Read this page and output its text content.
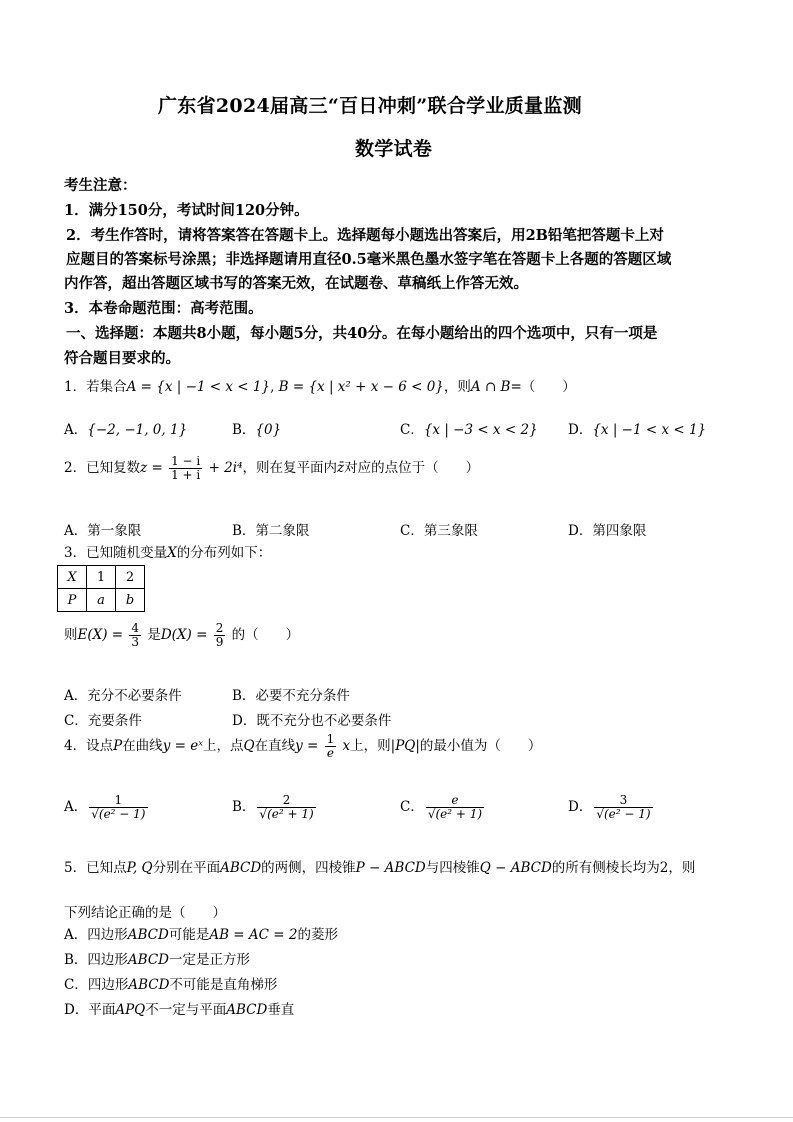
广东省2024届高三“百日冲刺”联合学业质量监测
数学试卷
考生注意：
1．满分150分，考试时间120分钟。
2．考生作答时，请将答案答在答题卡上。选择题每小题选出答案后，用2B铅笔把答题卡上对
应题目的答案标号涂黑；非选择题请用直径0.5毫米黑色墨水签字笔在答题卡上各题的答题区域
内作答，超出答题区域书写的答案无效，在试题卷、草稿纸上作答无效。
3．本卷命题范围：高考范围。
一、选择题：本题共8小题，每小题5分，共40分。在每小题给出的四个选项中，只有一项是
符合题目要求的。
1．若集合A = {x | −1 < x < 1}, B = {x | x² + x − 6 < 0}，则A ∩ B=（　　）
A．{−2, −1, 0, 1}	B．{0}	C．{x | −3 < x < 2} D．{x | −1 < x < 1}
2．已知复数$z = \frac{1 - i}{1 + i} + 2i^4$，则在复平面内z̄对应的点位于（　　）
A．第一象限	B．第二象限	C．第三象限	D．第四象限
3．已知随机变量X的分布列如下：
X	1	2
P	a	b
则$E(X) = \frac{4}{3}$ 是$D(X) = \frac{2}{9}$ 的（　　）
A．充分不必要条件	B．必要不充分条件
C．充要条件	D．既不充分也不必要条件
4．设点P在曲线y = eˣ上，点Q在直线$y = \frac{1}{e}$ x上，则|PQ|的最小值为（　　）
A． $\frac{1}{\text{√(e² − 1)}}$	B． $\frac{2}{\text{√(e² + 1)}}$	C． $\frac{e}{\text{√(e² + 1)}}$	D． $\frac{3}{\text{√(e² − 1)}}$
5．已知点P, Q分别在平面ABCD的两侧，四棱锥P − ABCD与四棱锥Q − ABCD的所有侧棱长均为2，则
下列结论正确的是（　　）
A．四边形ABCD可能是AB = AC = 2的菱形
B．四边形ABCD一定是正方形
C．四边形ABCD不可能是直角梯形
D．平面APQ不一定与平面ABCD垂直
